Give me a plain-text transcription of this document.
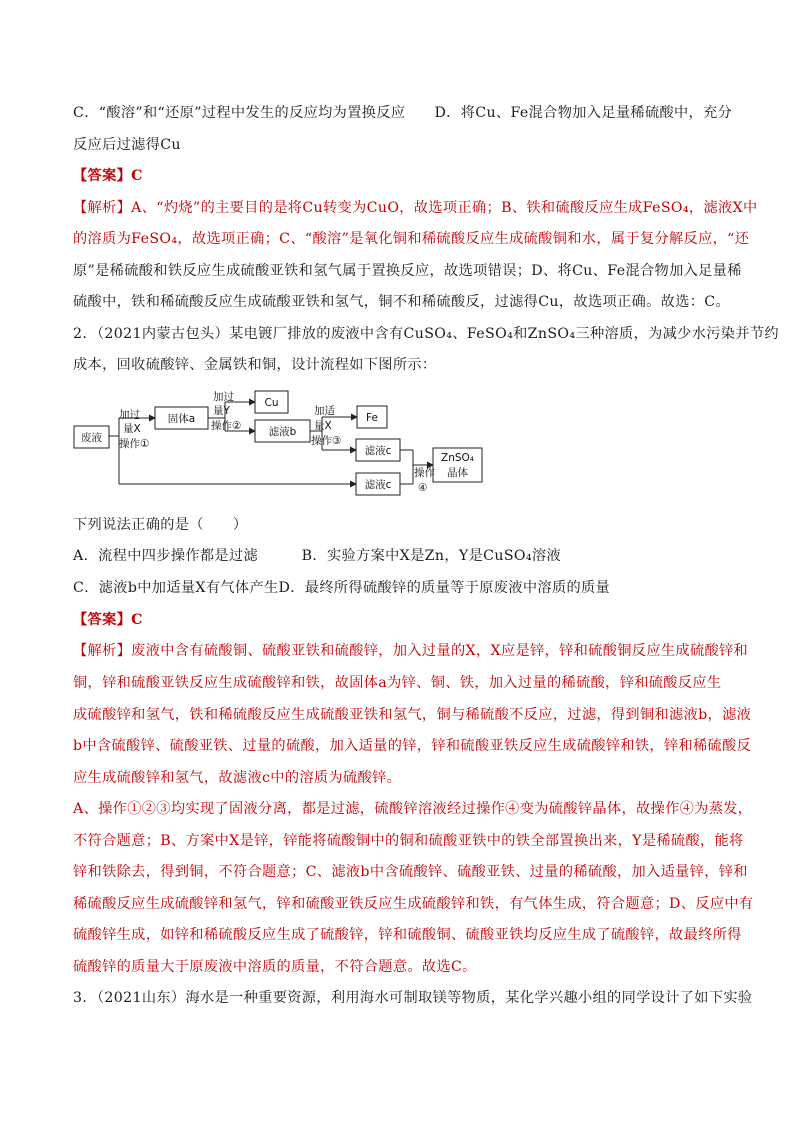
C．“酸溶”和“还原”过程中发生的反应均为置换反应　　D．将Cu、Fe混合物加入足量稀硫酸中，充分
反应后过滤得Cu
【答案】C
【解析】A、“灼烧”的主要目的是将Cu转变为CuO，故选项正确；B、铁和硫酸反应生成FeSO₄，滤液X中
的溶质为FeSO₄，故选项正确；C、“酸溶”是氧化铜和稀硫酸反应生成硫酸铜和水，属于复分解反应，“还
原”是稀硫酸和铁反应生成硫酸亚铁和氢气属于置换反应，故选项错误；D、将Cu、Fe混合物加入足量稀
硫酸中，铁和稀硫酸反应生成硫酸亚铁和氢气，铜不和稀硫酸反，过滤得Cu，故选项正确。故选：C。
2．（2021内蒙古包头）某电镀厂排放的废液中含有CuSO₄、FeSO₄和ZnSO₄三种溶质，为减少水污染并节约
成本，回收硫酸锌、金属铁和铜，设计流程如下图所示：
下列说法正确的是（　　）
A．流程中四步操作都是过滤　　　B．实验方案中X是Zn，Y是CuSO₄溶液
C．滤液b中加适量X有气体产生D．最终所得硫酸锌的质量等于原废液中溶质的质量
【答案】C
【解析】废液中含有硫酸铜、硫酸亚铁和硫酸锌，加入过量的X，X应是锌，锌和硫酸铜反应生成硫酸锌和
铜，锌和硫酸亚铁反应生成硫酸锌和铁，故固体a为锌、铜、铁，加入过量的稀硫酸，锌和硫酸反应生
成硫酸锌和氢气，铁和稀硫酸反应生成硫酸亚铁和氢气，铜与稀硫酸不反应，过滤，得到铜和滤液b，滤液
b中含硫酸锌、硫酸亚铁、过量的硫酸，加入适量的锌，锌和硫酸亚铁反应生成硫酸锌和铁，锌和稀硫酸反
应生成硫酸锌和氢气，故滤液c中的溶质为硫酸锌。
A、操作①②③均实现了固液分离，都是过滤，硫酸锌溶液经过操作④变为硫酸锌晶体，故操作④为蒸发，
不符合题意；B、方案中X是锌，锌能将硫酸铜中的铜和硫酸亚铁中的铁全部置换出来，Y是稀硫酸，能将
锌和铁除去，得到铜，不符合题意；C、滤液b中含硫酸锌、硫酸亚铁、过量的稀硫酸，加入适量锌，锌和
稀硫酸反应生成硫酸锌和氢气，锌和硫酸亚铁反应生成硫酸锌和铁，有气体生成，符合题意；D、反应中有
硫酸锌生成，如锌和稀硫酸反应生成了硫酸锌，锌和硫酸铜、硫酸亚铁均反应生成了硫酸锌，故最终所得
硫酸锌的质量大于原废液中溶质的质量，不符合题意。故选C。
3．（2021山东）海水是一种重要资源，利用海水可制取镁等物质，某化学兴趣小组的同学设计了如下实验
废液
固体a
Cu
滤液b
Fe
滤液c
滤液c
ZnSO₄
晶体
加过
量X
操作①
加过
量Y
操作②
加适
量X
操作③
操作
④
